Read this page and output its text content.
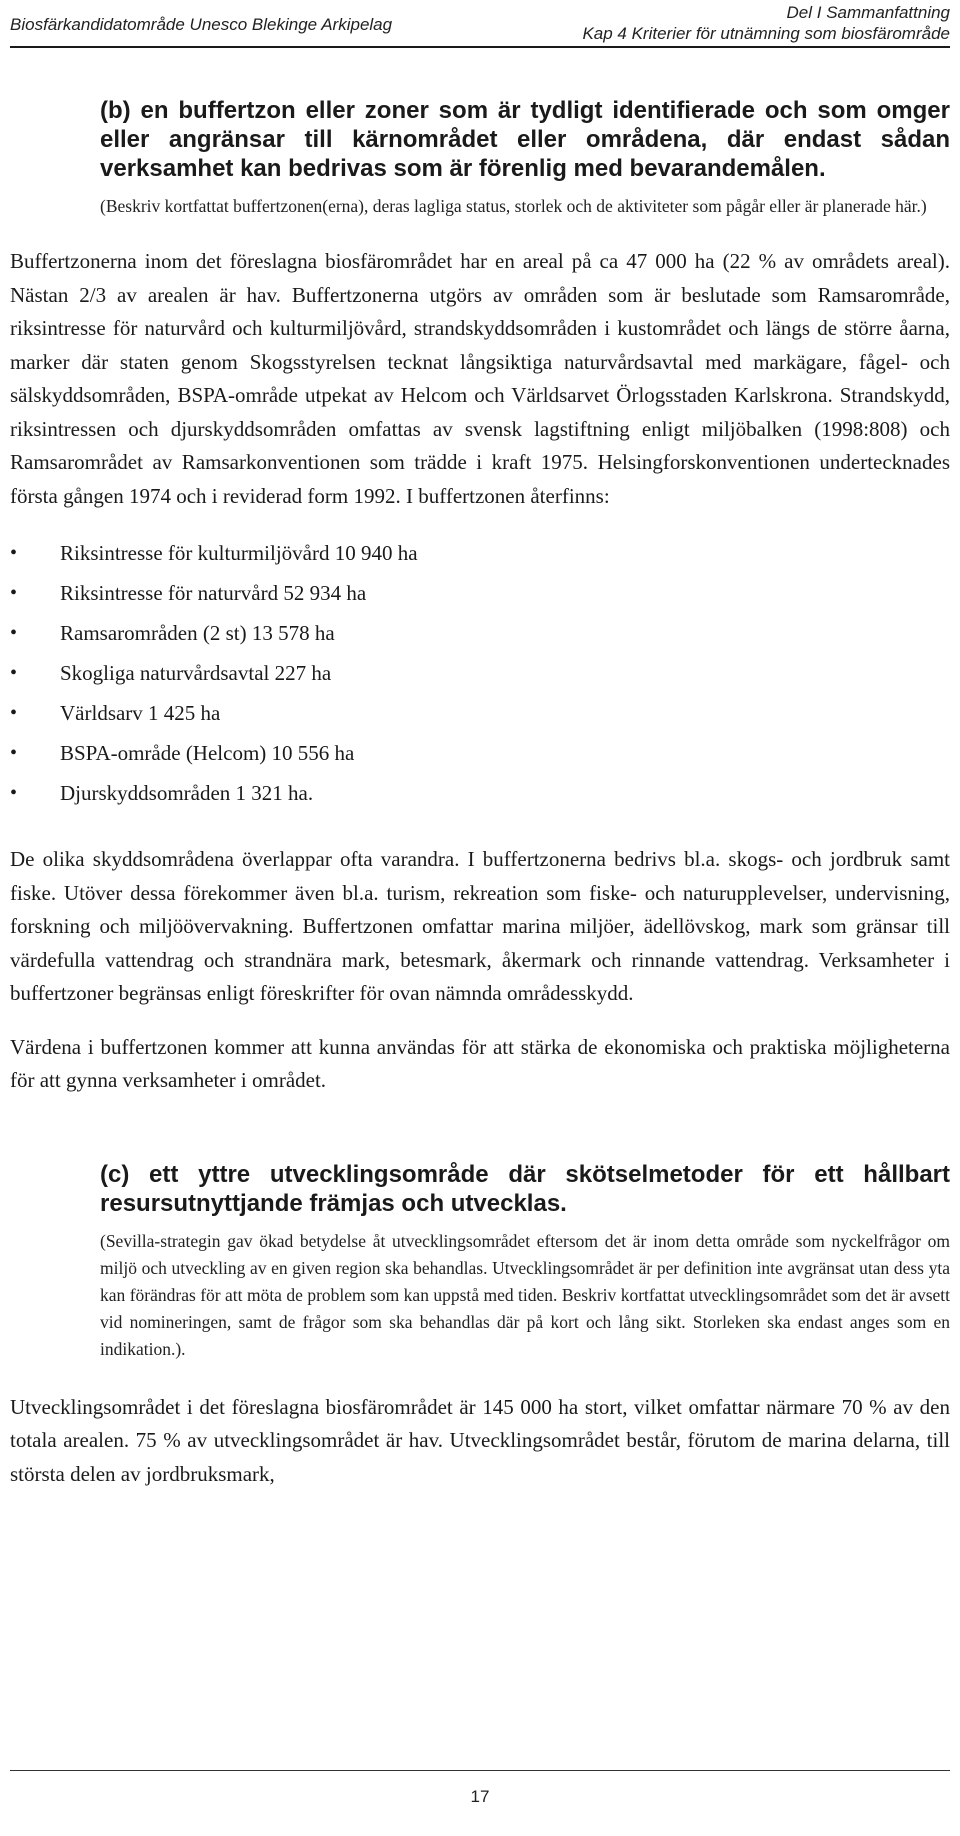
Biosfärkandidatområde Unesco Blekinge Arkipelag
Del I Sammanfattning
Kap 4 Kriterier för utnämning som biosfärområde
(b) en buffertzon eller zoner som är tydligt identifierade och som omger eller angränsar till kärnområdet eller områdena, där endast sådan verksamhet kan bedrivas som är förenlig med bevarandemålen.

(Beskriv kortfattat buffertzonen(erna), deras lagliga status, storlek och de aktiviteter som pågår eller är planerade här.)

Buffertzonerna inom det föreslagna biosfärområdet har en areal på ca 47 000 ha (22 % av områdets areal). Nästan 2/3 av arealen är hav. Buffertzonerna utgörs av områden som är beslutade som Ramsarområde, riksintresse för naturvård och kulturmiljövård, strandskyddsområden i kustområdet och längs de större åarna, marker där staten genom Skogsstyrelsen tecknat långsiktiga naturvårdsavtal med markägare, fågel- och sälskyddsområden, BSPA-område utpekat av Helcom och Världsarvet Örlogsstaden Karlskrona. Strandskydd, riksintressen och djurskyddsområden omfattas av svensk lagstiftning enligt miljöbalken (1998:808) och Ramsarområdet av Ramsarkonventionen som trädde i kraft 1975. Helsingforskonventionen undertecknades första gången 1974 och i reviderad form 1992. I buffertzonen återfinns:

• Riksintresse för kulturmiljövård 10 940 ha
• Riksintresse för naturvård 52 934 ha
• Ramsarområden (2 st) 13 578 ha
• Skogliga naturvårdsavtal 227 ha
• Världsarv 1 425 ha
• BSPA-område (Helcom) 10 556 ha
• Djurskyddsområden 1 321 ha.

De olika skyddsområdena överlappar ofta varandra. I buffertzonerna bedrivs bl.a. skogs- och jordbruk samt fiske. Utöver dessa förekommer även bl.a. turism, rekreation som fiske- och naturupplevelser, undervisning, forskning och miljöövervakning. Buffertzonen omfattar marina miljöer, ädellövskog, mark som gränsar till värdefulla vattendrag och strandnära mark, betesmark, åkermark och rinnande vattendrag. Verksamheter i buffertzoner begränsas enligt föreskrifter för ovan nämnda områdesskydd.

Värdena i buffertzonen kommer att kunna användas för att stärka de ekonomiska och praktiska möjligheterna för att gynna verksamheter i området.

(c) ett yttre utvecklingsområde där skötselmetoder för ett hållbart resursutnyttjande främjas och utvecklas.

(Sevilla-strategin gav ökad betydelse åt utvecklingsområdet eftersom det är inom detta område som nyckelfrågor om miljö och utveckling av en given region ska behandlas. Utvecklingsområdet är per definition inte avgränsat utan dess yta kan förändras för att möta de problem som kan uppstå med tiden. Beskriv kortfattat utvecklingsområdet som det är avsett vid nomineringen, samt de frågor som ska behandlas där på kort och lång sikt. Storleken ska endast anges som en indikation.).

Utvecklingsområdet i det föreslagna biosfärområdet är 145 000 ha stort, vilket omfattar närmare 70 % av den totala arealen. 75 % av utvecklingsområdet är hav. Utvecklingsområdet består, förutom de marina delarna, till största delen av jordbruksmark,

17
